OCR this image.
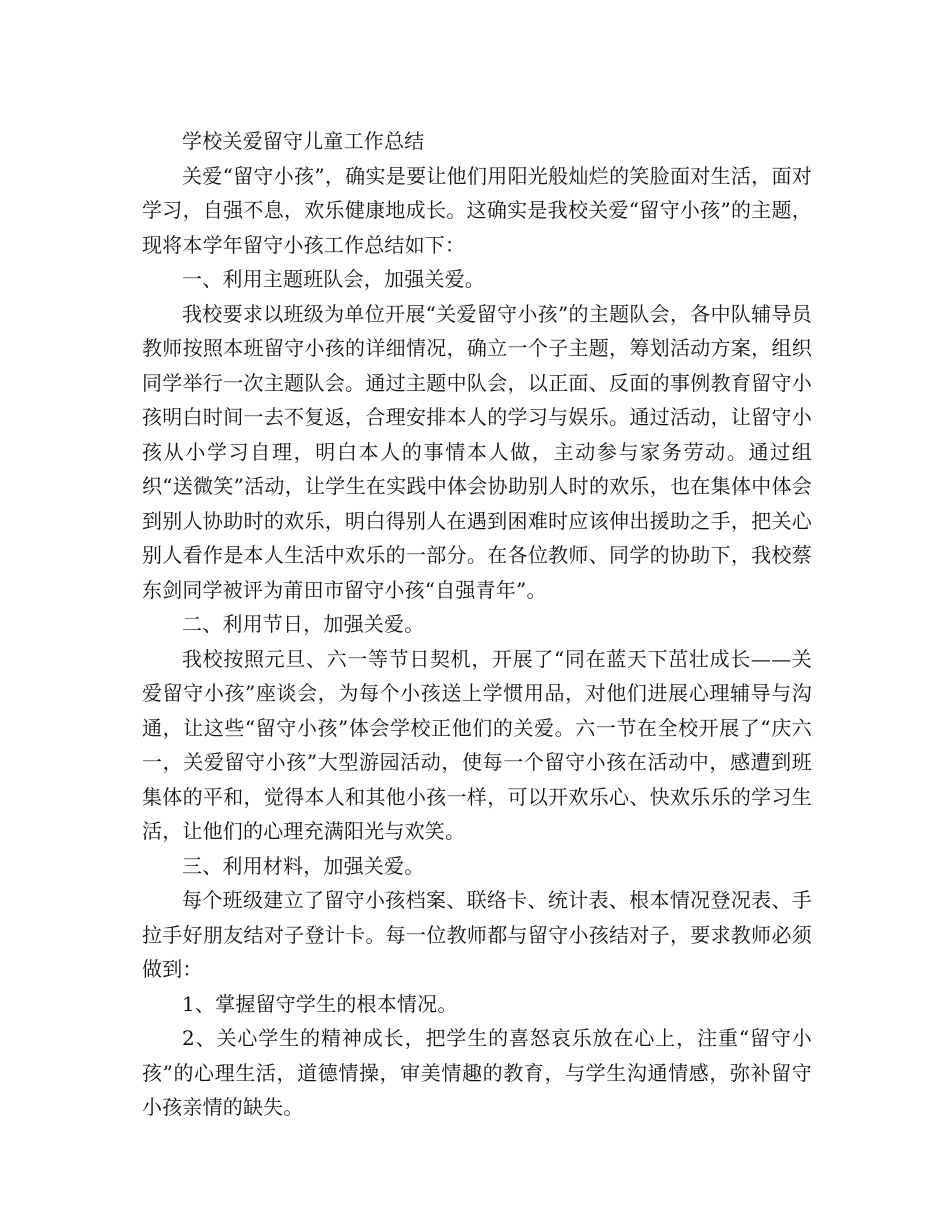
学校关爱留守儿童工作总结

关爱“留守小孩”，确实是要让他们用阳光般灿烂的笑脸面对生活，面对学习，自强不息，欢乐健康地成长。这确实是我校关爱“留守小孩”的主题，现将本学年留守小孩工作总结如下：

一、利用主题班队会，加强关爱。

我校要求以班级为单位开展“关爱留守小孩”的主题队会，各中队辅导员教师按照本班留守小孩的详细情况，确立一个子主题，筹划活动方案，组织同学举行一次主题队会。通过主题中队会，以正面、反面的事例教育留守小孩明白时间一去不复返，合理安排本人的学习与娱乐。通过活动，让留守小孩从小学习自理，明白本人的事情本人做，主动参与家务劳动。通过组织“送微笑”活动，让学生在实践中体会协助别人时的欢乐，也在集体中体会到别人协助时的欢乐，明白得别人在遇到困难时应该伸出援助之手，把关心别人看作是本人生活中欢乐的一部分。在各位教师、同学的协助下，我校蔡东剑同学被评为莆田市留守小孩“自强青年”。

二、利用节日，加强关爱。

我校按照元旦、六一等节日契机，开展了“同在蓝天下茁壮成长——关爱留守小孩”座谈会，为每个小孩送上学惯用品，对他们进展心理辅导与沟通，让这些“留守小孩”体会学校正他们的关爱。六一节在全校开展了“庆六一，关爱留守小孩”大型游园活动，使每一个留守小孩在活动中，感遭到班集体的平和，觉得本人和其他小孩一样，可以开欢乐心、快欢乐乐的学习生活，让他们的心理充满阳光与欢笑。

三、利用材料，加强关爱。

每个班级建立了留守小孩档案、联络卡、统计表、根本情况登况表、手拉手好朋友结对子登计卡。每一位教师都与留守小孩结对子，要求教师必须做到：

1、掌握留守学生的根本情况。

2、关心学生的精神成长，把学生的喜怒哀乐放在心上，注重“留守小孩”的心理生活，道德情操，审美情趣的教育，与学生沟通情感，弥补留守小孩亲情的缺失。
